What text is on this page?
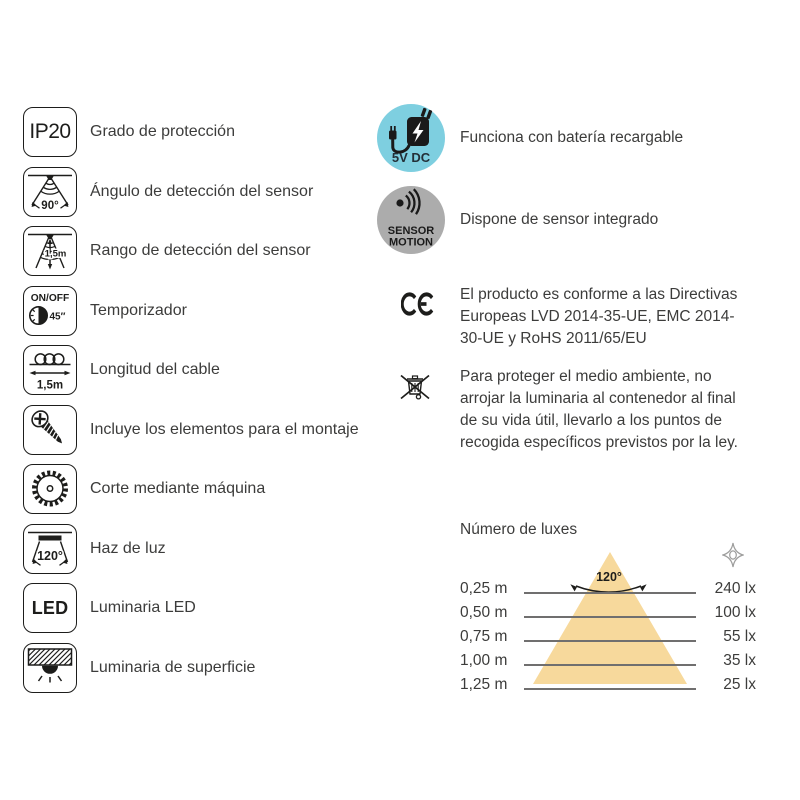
IP20 Grado de protección
90°
Ángulo de detección del sensor
1,5m Rango de detección del sensor
ON/OFF
45″ Temporizador
1,5m
Longitud del cable
Incluye los elementos para el montaje
Corte mediante máquina
120° Haz de luz
LED Luminaria LED
Luminaria de superficie
5V DC
Funciona con batería recargable
SENSOR
MOTION
Dispone de sensor integrado
El producto es conforme a las Directivas
Europeas LVD 2014-35-UE, EMC 2014-
30-UE y RoHS 2011/65/EU
Para proteger el medio ambiente, no
arrojar la luminaria al contenedor al final
de su vida útil, llevarlo a los puntos de
recogida específicos previstos por la ley.
Número de luxes
120°
0,25 m	240 lx
0,50 m	100 lx
0,75 m	55 lx
1,00 m	35 lx
1,25 m	25 lx
